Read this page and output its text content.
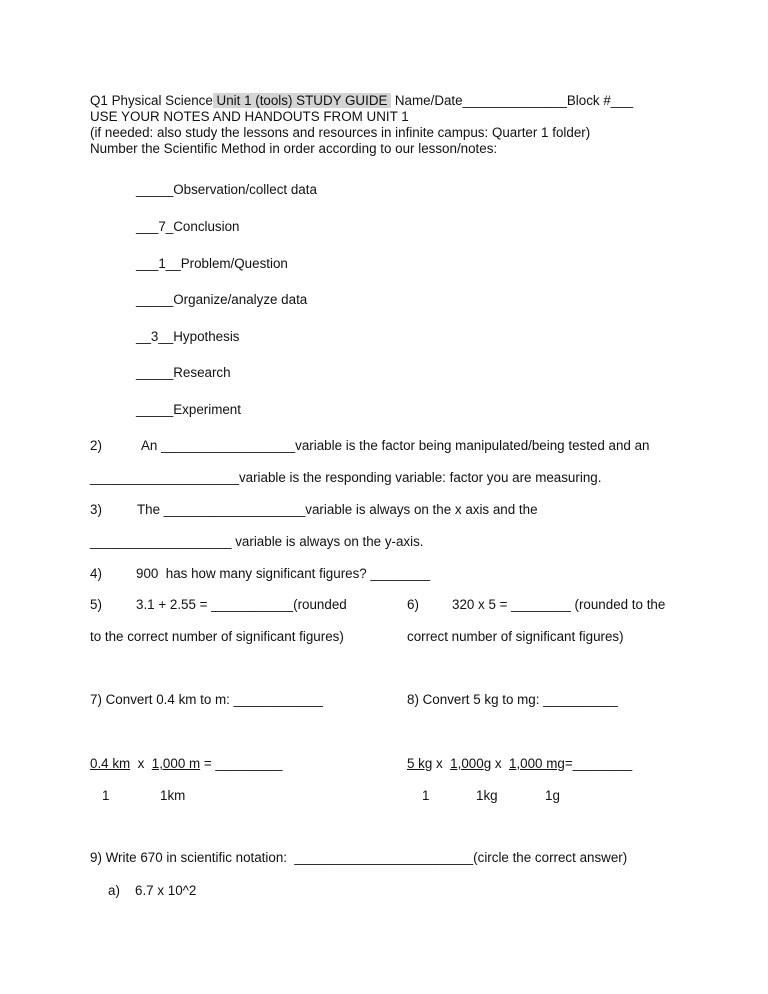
Q1 Physical Science Unit 1 (tools) STUDY GUIDE  Name/Date______________Block #___
USE YOUR NOTES AND HANDOUTS FROM UNIT 1
(if needed: also study the lessons and resources in infinite campus: Quarter 1 folder)
Number the Scientific Method in order according to our lesson/notes:
_____Observation/collect data
___7_Conclusion
___1__Problem/Question
_____Organize/analyze data
__3__Hypothesis
_____Research
_____Experiment
2)	An __________________variable is the factor being manipulated/being tested and an
____________________variable is the responding variable: factor you are measuring.
3)	The ___________________variable is always on the x axis and the
___________________ variable is always on the y-axis.
4)	900  has how many significant figures? ________
5)	3.1 + 2.55 = ___________(rounded
to the correct number of significant figures)
6) 320 x 5 = ________ (rounded to the
correct number of significant figures)
7) Convert 0.4 km to m: ____________
0.4 km  x  1,000 m = _________
1	1km
8) Convert 5 kg to mg: __________
5 kg x  1,000g x  1,000 mg=________
1	1kg	1g
9) Write 670 in scientific notation:  ________________________(circle the correct answer)
a) 6.7 x 10^2
